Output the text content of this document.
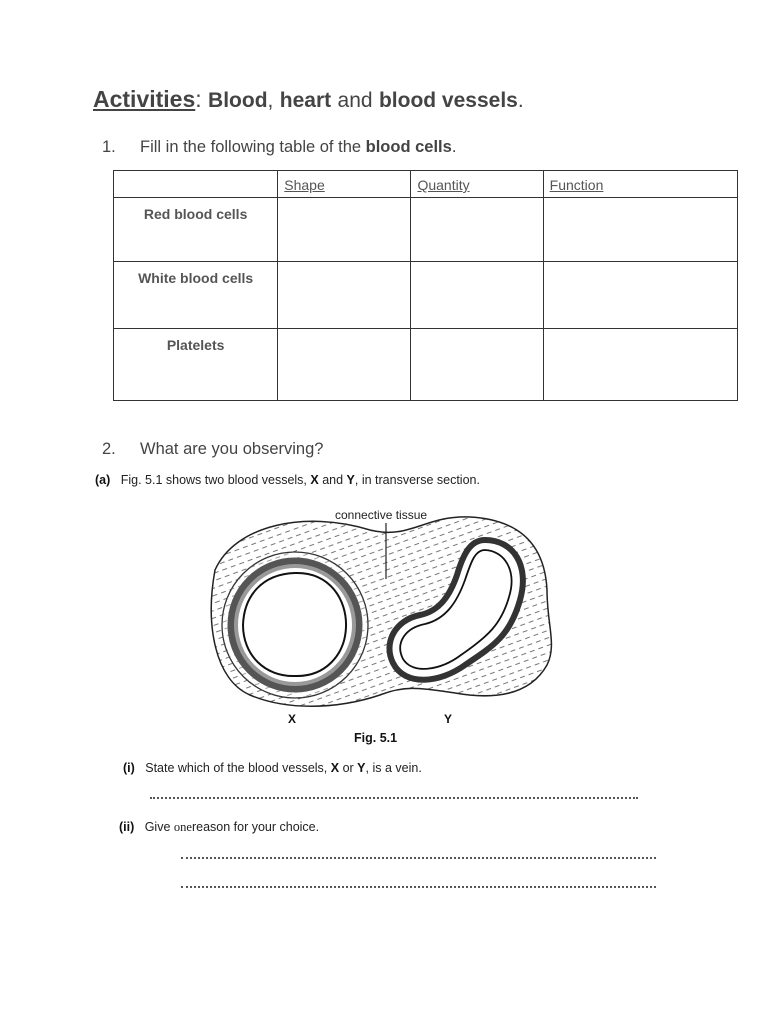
Activities: Blood, heart and blood vessels.
1. Fill in the following table of the blood cells.
	Shape	Quantity	Function
Red blood cells			
White blood cells			
Platelets			
2. What are you observing?
(a) Fig. 5.1 shows two blood vessels, X and Y, in transverse section.
connective tissue
X	Y
Fig. 5.1
(i) State which of the blood vessels, X or Y, is a vein.
(ii) Give onereason for your choice.
